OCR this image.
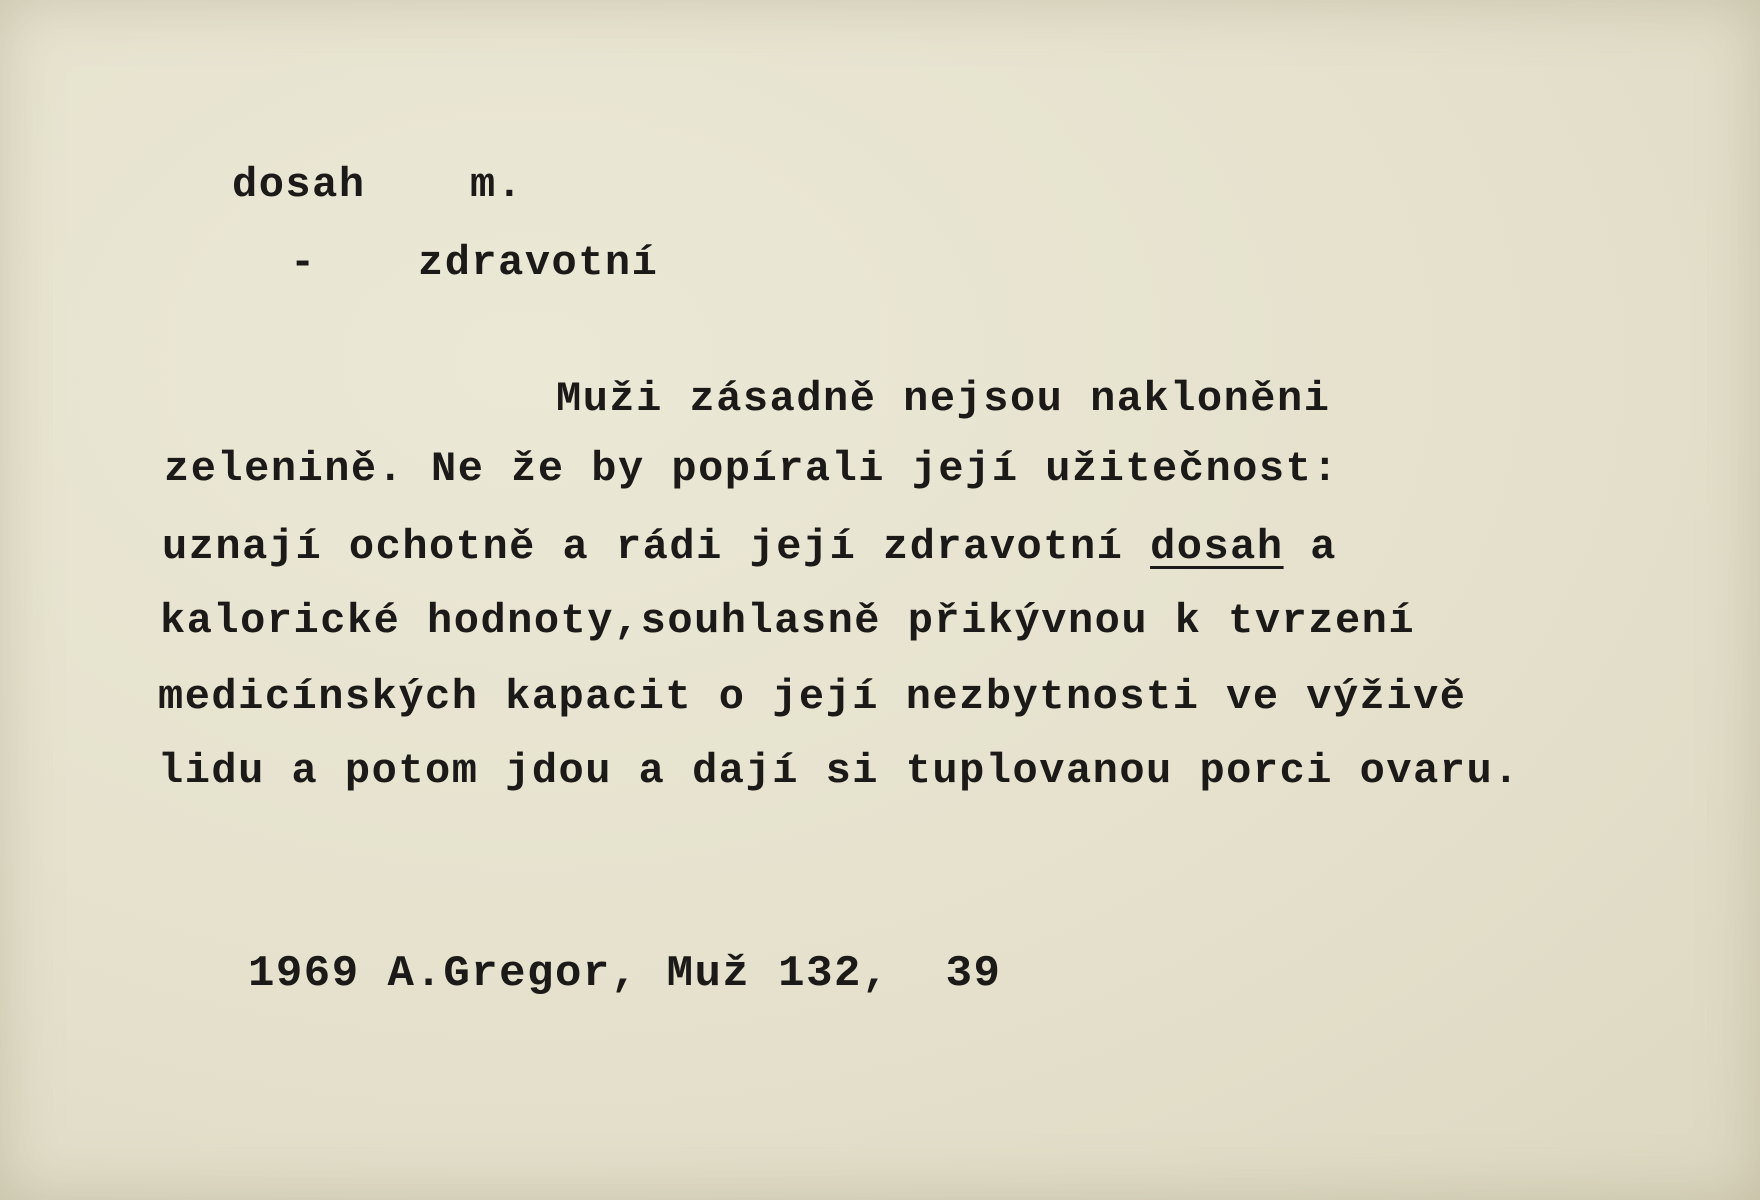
dosah m.
- zdravotní
Muži zásadně nejsou nakloněni
zelenině. Ne že by popírali její užitečnost:
uznají ochotně a rádi její zdravotní dosah a
kalorické hodnoty,souhlasně přikývnou k tvrzení
medicínských kapacit o její nezbytnosti ve výživě
lidu a potom jdou a dají si tuplovanou porci ovaru.
1969 A.Gregor, Muž 132,  39
